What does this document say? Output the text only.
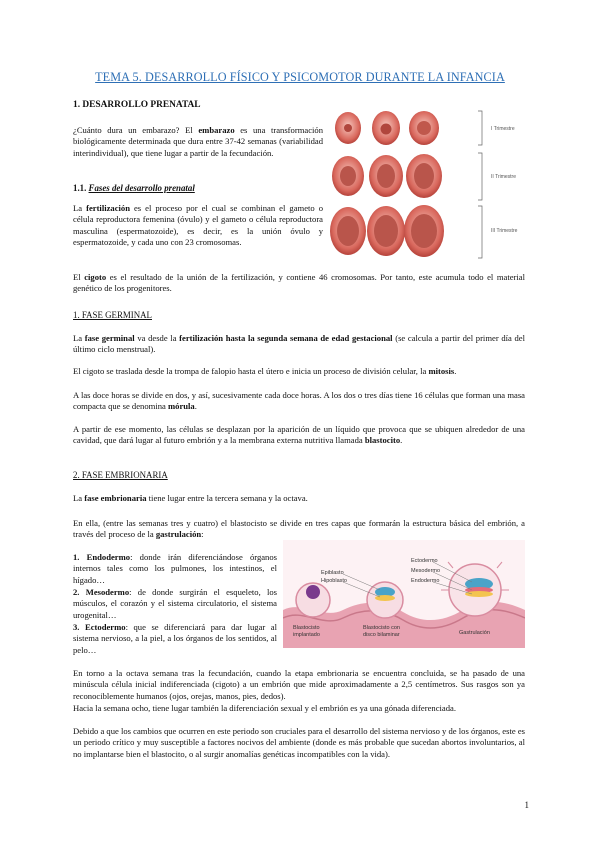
TEMA 5. DESARROLLO FÍSICO Y PSICOMOTOR DURANTE LA INFANCIA
1. DESARROLLO PRENATAL
¿Cuánto dura un embarazo? El embarazo es una transformación biológicamente determinada que dura entre 37-42 semanas (variabilidad interindividual), que tiene lugar a partir de la fecundación.
1.1. Fases del desarrollo prenatal
La fertilización es el proceso por el cual se combinan el gameto o célula reproductora femenina (óvulo) y el gameto o célula reproductora masculina (espermatozoide), es decir, es la unión óvulo y espermatozoide, y cada uno con 23 cromosomas.
I Trimestre
II Trimestre
III Trimestre
El cigoto es el resultado de la unión de la fertilización, y contiene 46 cromosomas. Por tanto, este acumula todo el material genético de los progenitores.
1. FASE GERMINAL
La fase germinal va desde la fertilización hasta la segunda semana de edad gestacional (se calcula a partir del primer día del último ciclo menstrual).
El cigoto se traslada desde la trompa de falopio hasta el útero e inicia un proceso de división celular, la mitosis.
A las doce horas se divide en dos, y así, sucesivamente cada doce horas. A los dos o tres días tiene 16 células que forman una masa compacta que se denomina mórula.
A partir de ese momento, las células se desplazan por la aparición de un líquido que provoca que se ubiquen alrededor de una cavidad, que dará lugar al futuro embrión y a la membrana externa nutritiva llamada blastocito.
2. FASE EMBRIONARIA
La fase embrionaria tiene lugar entre la tercera semana y la octava.
En ella, (entre las semanas tres y cuatro) el blastocisto se divide en tres capas que formarán la estructura básica del embrión, a través del proceso de la gastrulación:
1. Endodermo: donde irán diferenciándose órganos internos tales como los pulmones, los intestinos, el hígado…
2. Mesodermo: de donde surgirán el esqueleto, los músculos, el corazón y el sistema circulatorio, el sistema urogenital…
3. Ectodermo: que se diferenciará para dar lugar al sistema nervioso, a la piel, a los órganos de los sentidos, al pelo…
Epiblasto
Hipoblasto
Ectodermo
Mesodermo
Endodermo
Blastocisto
implantado
Blastocisto con
disco bilaminar	Gastrulación
En torno a la octava semana tras la fecundación, cuando la etapa embrionaria se encuentra concluida, se ha pasado de una minúscula célula inicial indiferenciada (cigoto) a un embrión que mide aproximadamente a 2,5 centímetros. Sus rasgos son ya reconociblemente humanos (ojos, orejas, manos, pies, dedos).
Hacia la semana ocho, tiene lugar también la diferenciación sexual y el embrión es ya una gónada diferenciada.
Debido a que los cambios que ocurren en este periodo son cruciales para el desarrollo del sistema nervioso y de los órganos, este es un periodo crítico y muy susceptible a factores nocivos del ambiente (donde es más probable que sucedan abortos involuntarios, al no implantarse bien el blastocito, o al surgir anomalías genéticas incompatibles con la vida).
1
